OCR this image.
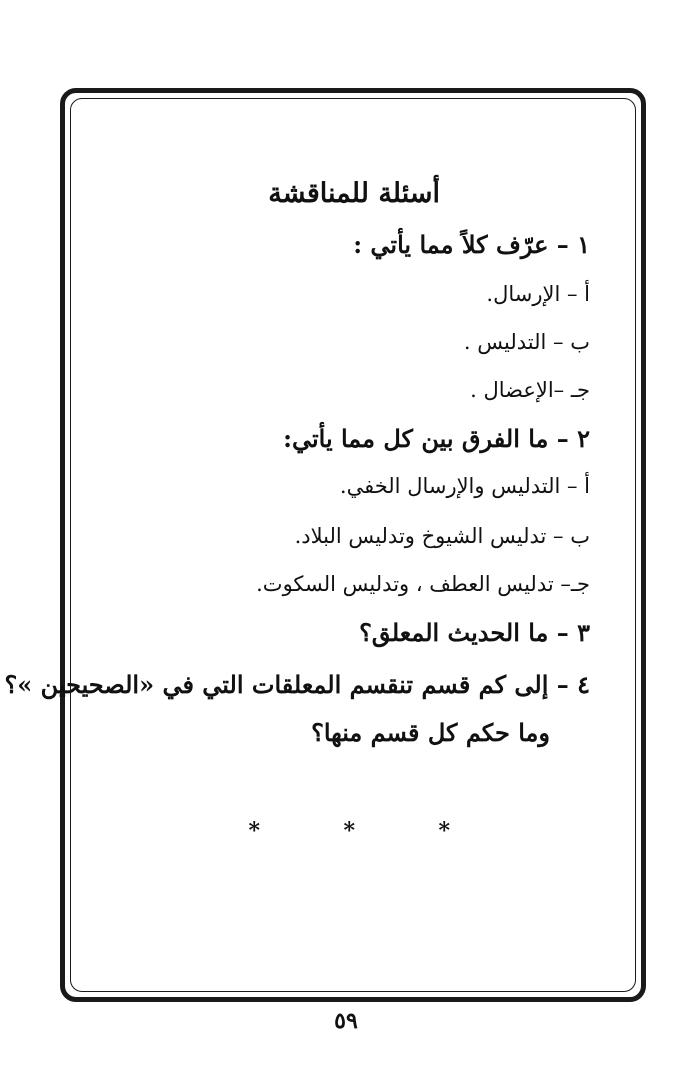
أسئلة للمناقشة
١ – عرّف كلاً مما يأتي :
أ – الإرسال.
ب – التدليس .
جـ –الإعضال .
٢ – ما الفرق بين كل مما يأتي:
أ – التدليس والإرسال الخفي.
ب – تدليس الشيوخ وتدليس البلاد.
جـ– تدليس العطف ، وتدليس السكوت.
٣ – ما الحديث المعلق؟
٤ – إلى كم قسم تنقسم المعلقات التي في «الصحيحين »؟
وما حكم كل قسم منها؟
*
*
*
٥٩
